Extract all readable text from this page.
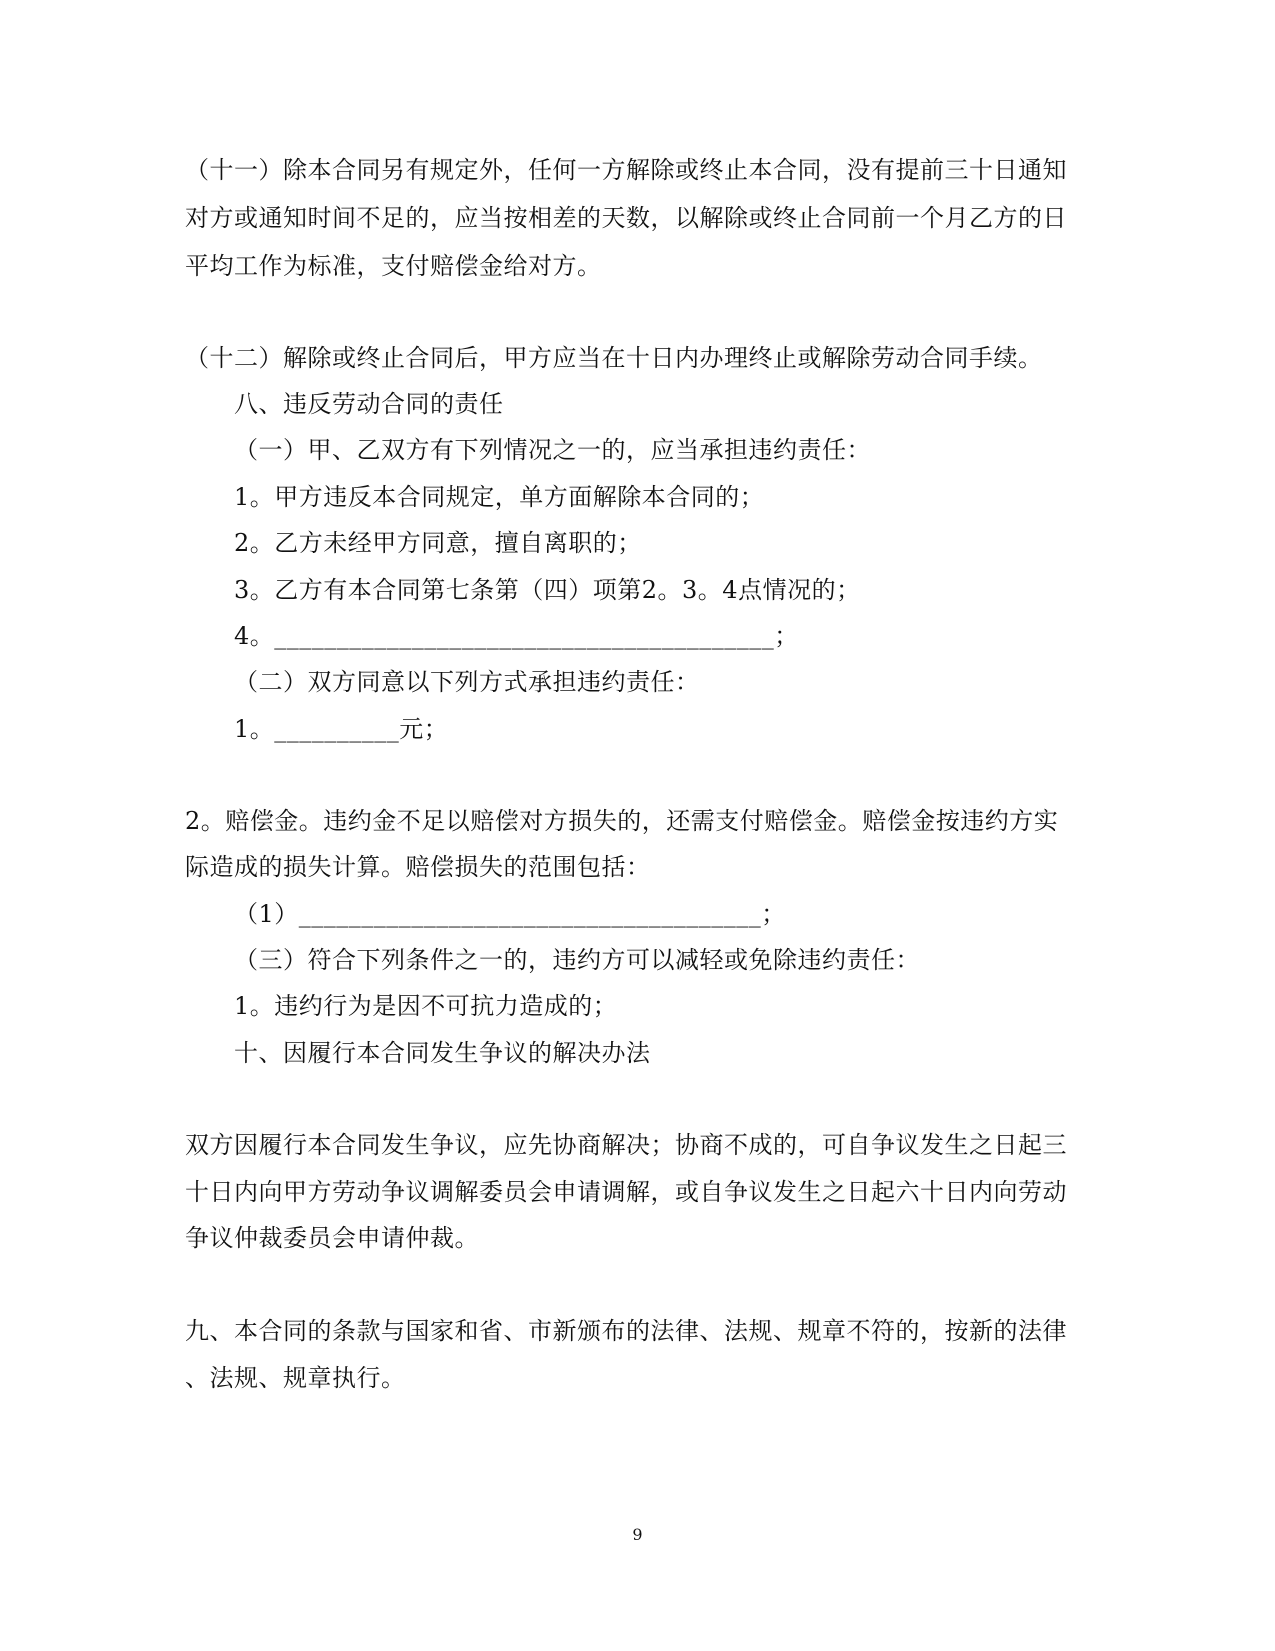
（十一）除本合同另有规定外，任何一方解除或终止本合同，没有提前三十日通知

对方或通知时间不足的，应当按相差的天数，以解除或终止合同前一个月乙方的日

平均工作为标准，支付赔偿金给对方。

（十二）解除或终止合同后，甲方应当在十日内办理终止或解除劳动合同手续。

八、违反劳动合同的责任

（一）甲、乙双方有下列情况之一的，应当承担违约责任：

1。甲方违反本合同规定，单方面解除本合同的；

2。乙方未经甲方同意，擅自离职的；

3。乙方有本合同第七条第（四）项第2。3。4点情况的；

4。________________________________________；

（二）双方同意以下列方式承担违约责任：

1。__________元；

2。赔偿金。违约金不足以赔偿对方损失的，还需支付赔偿金。赔偿金按违约方实

际造成的损失计算。赔偿损失的范围包括：

（1）_____________________________________；

（三）符合下列条件之一的，违约方可以减轻或免除违约责任：

1。违约行为是因不可抗力造成的；

十、因履行本合同发生争议的解决办法

双方因履行本合同发生争议，应先协商解决；协商不成的，可自争议发生之日起三

十日内向甲方劳动争议调解委员会申请调解，或自争议发生之日起六十日内向劳动

争议仲裁委员会申请仲裁。

九、本合同的条款与国家和省、市新颁布的法律、法规、规章不符的，按新的法律

、法规、规章执行。

9
